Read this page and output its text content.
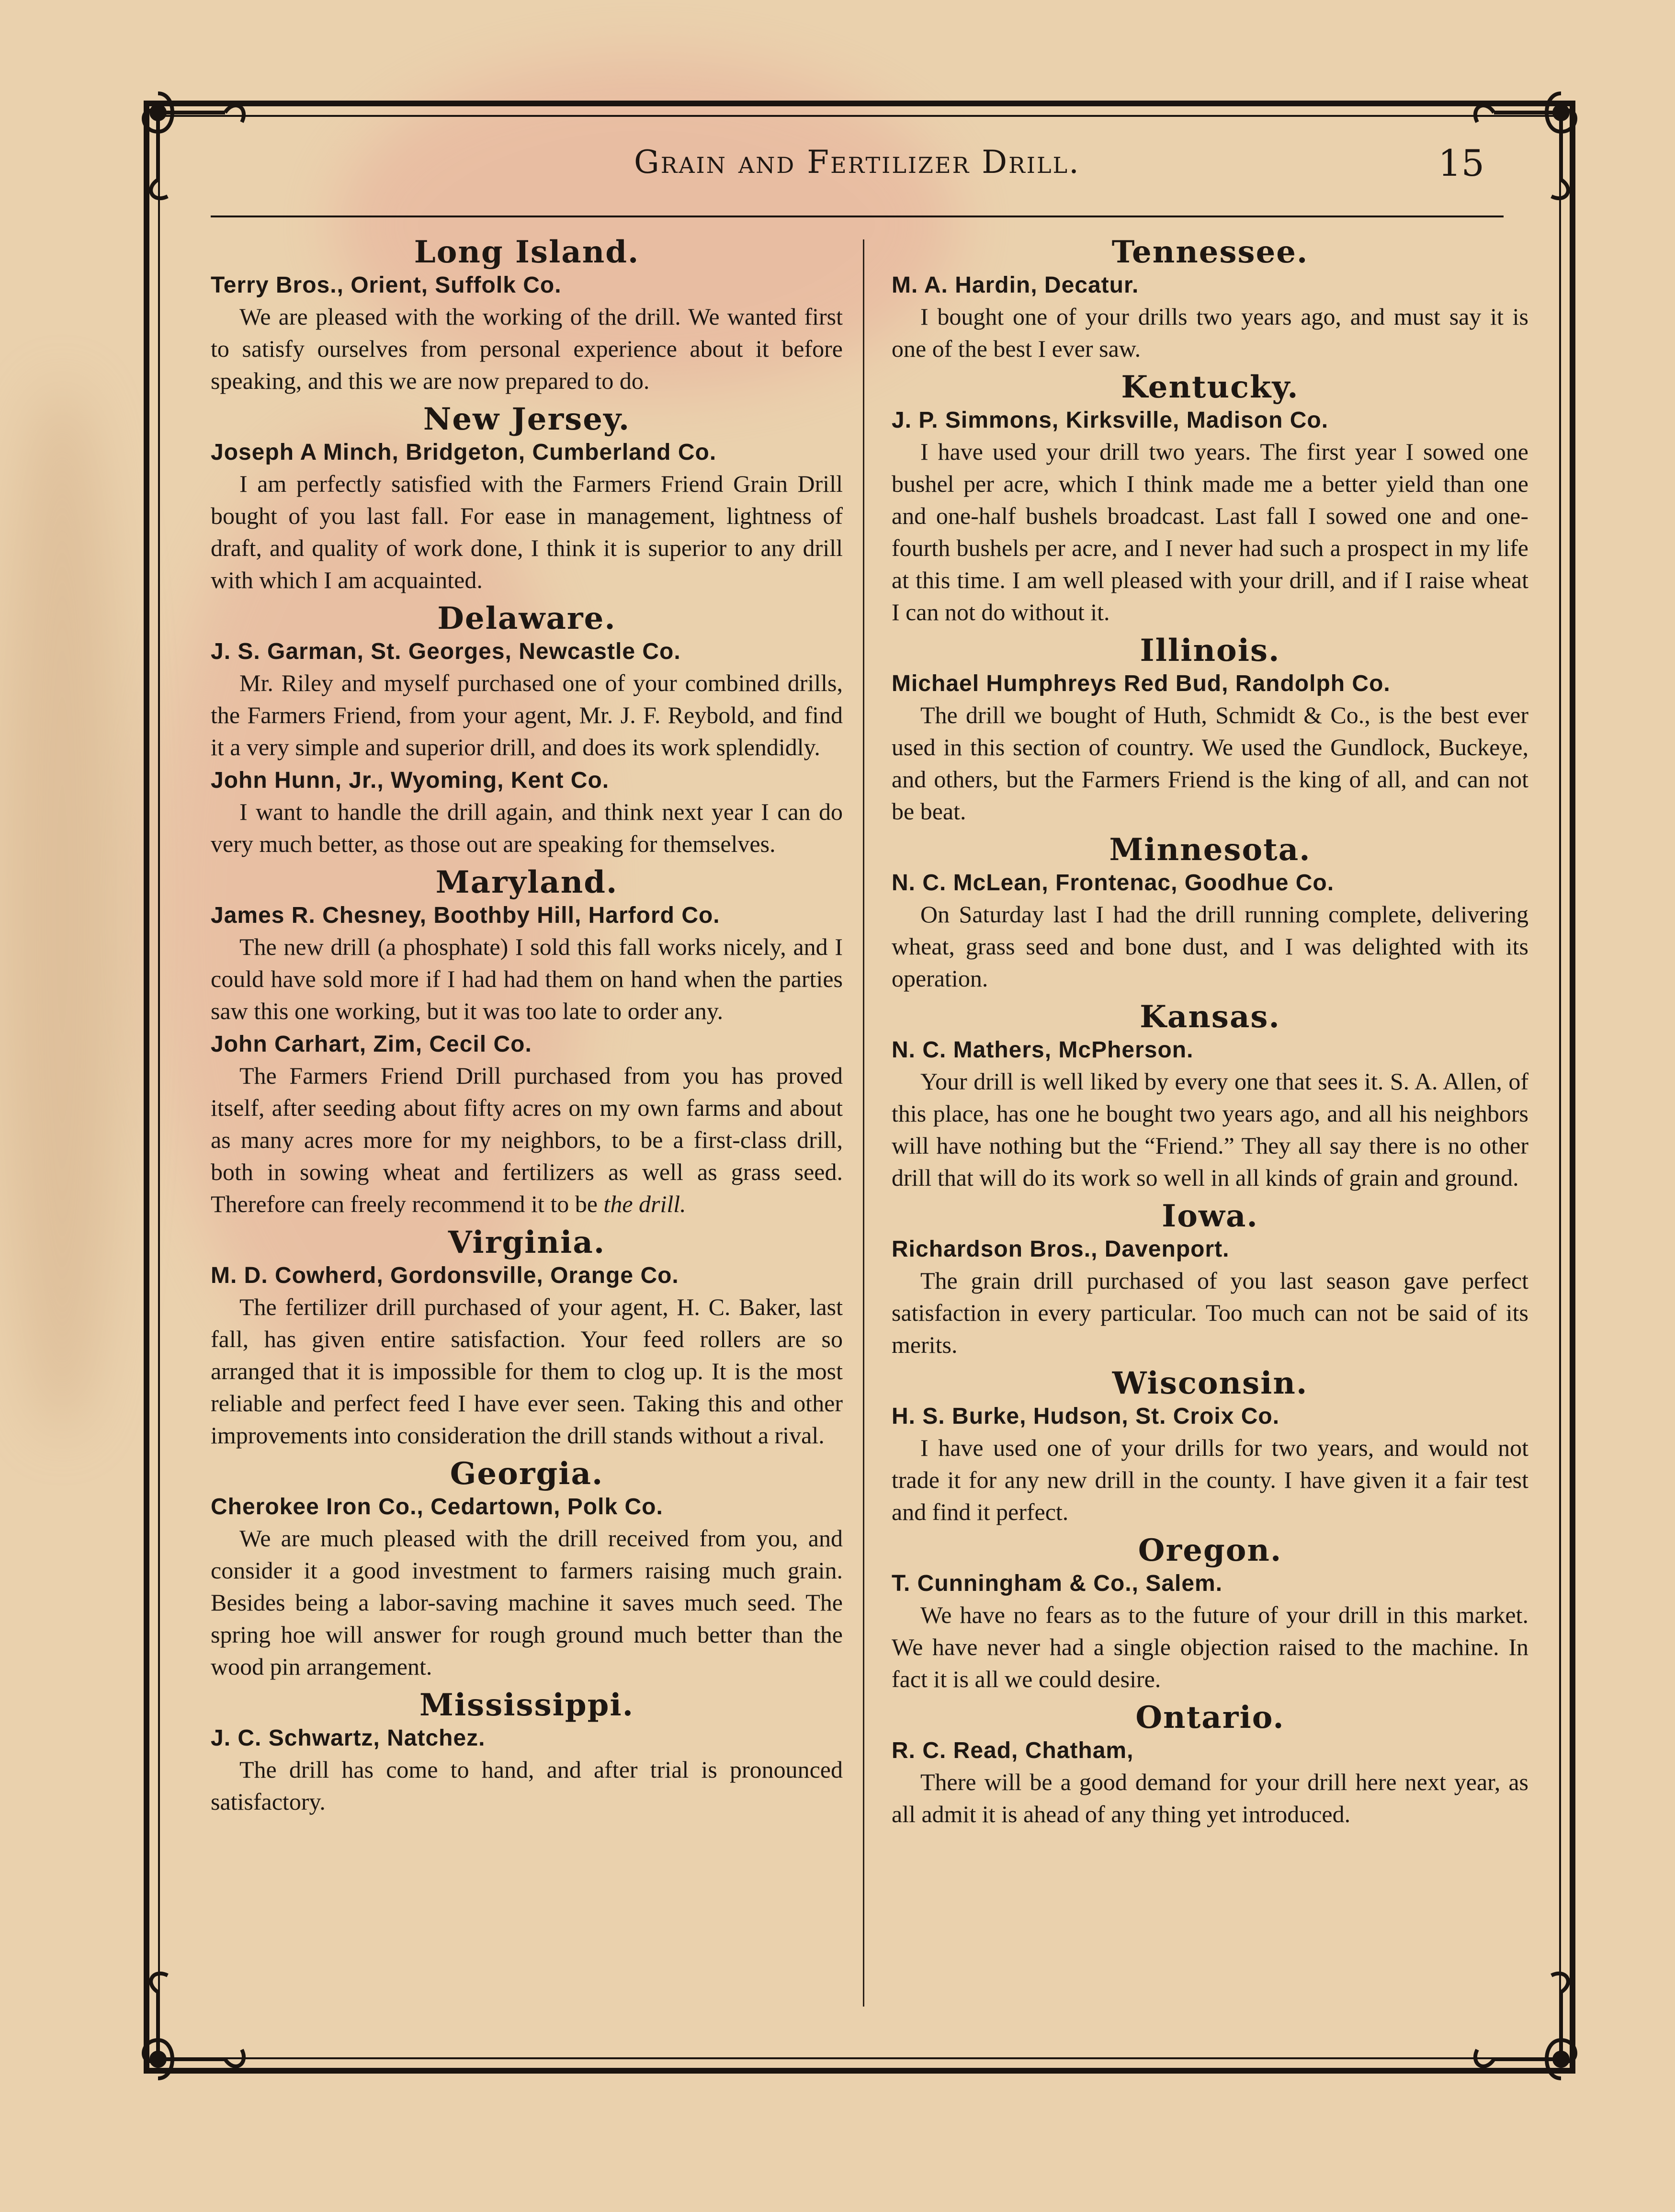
Grain and Fertilizer Drill.	15
Long Island.
Terry Bros., Orient, Suffolk Co.

We are pleased with the working of the drill. We wanted first to satisfy ourselves from personal experience about it before speaking, and this we are now prepared to do.

New Jersey.
Joseph A Minch, Bridgeton, Cumberland Co.

I am perfectly satisfied with the Farmers Friend Grain Drill bought of you last fall. For ease in management, lightness of draft, and quality of work done, I think it is superior to any drill with which I am acquainted.

Delaware.
J. S. Garman, St. Georges, Newcastle Co.

Mr. Riley and myself purchased one of your combined drills, the Farmers Friend, from your agent, Mr. J. F. Reybold, and find it a very simple and superior drill, and does its work splendidly.

John Hunn, Jr., Wyoming, Kent Co.

I want to handle the drill again, and think next year I can do very much better, as those out are speaking for themselves.

Maryland.
James R. Chesney, Boothby Hill, Harford Co.

The new drill (a phosphate) I sold this fall works nicely, and I could have sold more if I had had them on hand when the parties saw this one working, but it was too late to order any.

John Carhart, Zim, Cecil Co.

The Farmers Friend Drill purchased from you has proved itself, after seeding about fifty acres on my own farms and about as many acres more for my neighbors, to be a first-class drill, both in sowing wheat and fertilizers as well as grass seed. Therefore can freely recommend it to be the drill.

Virginia.
M. D. Cowherd, Gordonsville, Orange Co.

The fertilizer drill purchased of your agent, H. C. Baker, last fall, has given entire satisfaction. Your feed rollers are so arranged that it is impossible for them to clog up. It is the most reliable and perfect feed I have ever seen. Taking this and other improvements into consideration the drill stands without a rival.

Georgia.
Cherokee Iron Co., Cedartown, Polk Co.

We are much pleased with the drill received from you, and consider it a good investment to farmers raising much grain. Besides being a labor-saving machine it saves much seed. The spring hoe will answer for rough ground much better than the wood pin arrangement.

Mississippi.
J. C. Schwartz, Natchez.

The drill has come to hand, and after trial is pronounced satisfactory.

Tennessee.
M. A. Hardin, Decatur.

I bought one of your drills two years ago, and must say it is one of the best I ever saw.

Kentucky.
J. P. Simmons, Kirksville, Madison Co.

I have used your drill two years. The first year I sowed one bushel per acre, which I think made me a better yield than one and one-half bushels broadcast. Last fall I sowed one and one-fourth bushels per acre, and I never had such a prospect in my life at this time. I am well pleased with your drill, and if I raise wheat I can not do without it.

Illinois.
Michael Humphreys Red Bud, Randolph Co.

The drill we bought of Huth, Schmidt & Co., is the best ever used in this section of country. We used the Gundlock, Buckeye, and others, but the Farmers Friend is the king of all, and can not be beat.

Minnesota.
N. C. McLean, Frontenac, Goodhue Co.

On Saturday last I had the drill running complete, delivering wheat, grass seed and bone dust, and I was delighted with its operation.

Kansas.
N. C. Mathers, McPherson.

Your drill is well liked by every one that sees it. S. A. Allen, of this place, has one he bought two years ago, and all his neighbors will have nothing but the “Friend.” They all say there is no other drill that will do its work so well in all kinds of grain and ground.

Iowa.
Richardson Bros., Davenport.

The grain drill purchased of you last season gave perfect satisfaction in every particular. Too much can not be said of its merits.

Wisconsin.
H. S. Burke, Hudson, St. Croix Co.

I have used one of your drills for two years, and would not trade it for any new drill in the county. I have given it a fair test and find it perfect.

Oregon.
T. Cunningham & Co., Salem.

We have no fears as to the future of your drill in this market. We have never had a single objection raised to the machine. In fact it is all we could desire.

Ontario.
R. C. Read, Chatham,

There will be a good demand for your drill here next year, as all admit it is ahead of any thing yet introduced.
